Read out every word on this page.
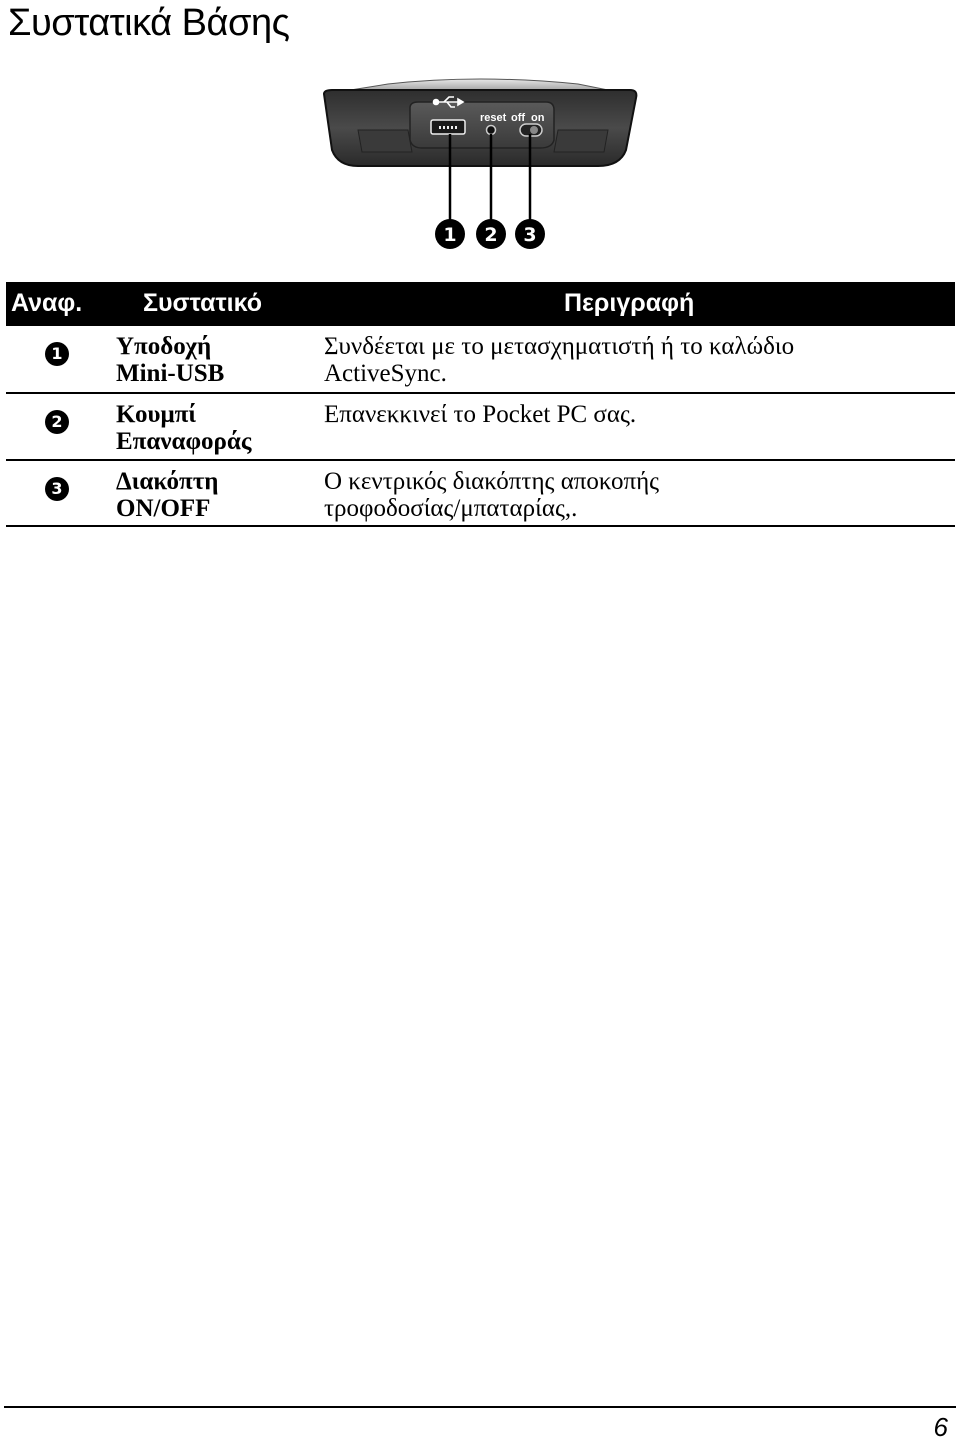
Συστατικά Βάσης
reset off on
1 2 3
Αναφ. Συστατικό	Περιγραφή
1 Υποδοχή
Mini-USB
Συνδέεται με το μετασχηματιστή ή το καλώδιο
ActiveSync.
2 Κουμπί
Επαναφοράς
Επανεκκινεί το Pocket PC σας.
3 Διακόπτη
ON/OFF
Ο κεντρικός διακόπτης αποκοπής
τροφοδοσίας/μπαταρίας,.
6
